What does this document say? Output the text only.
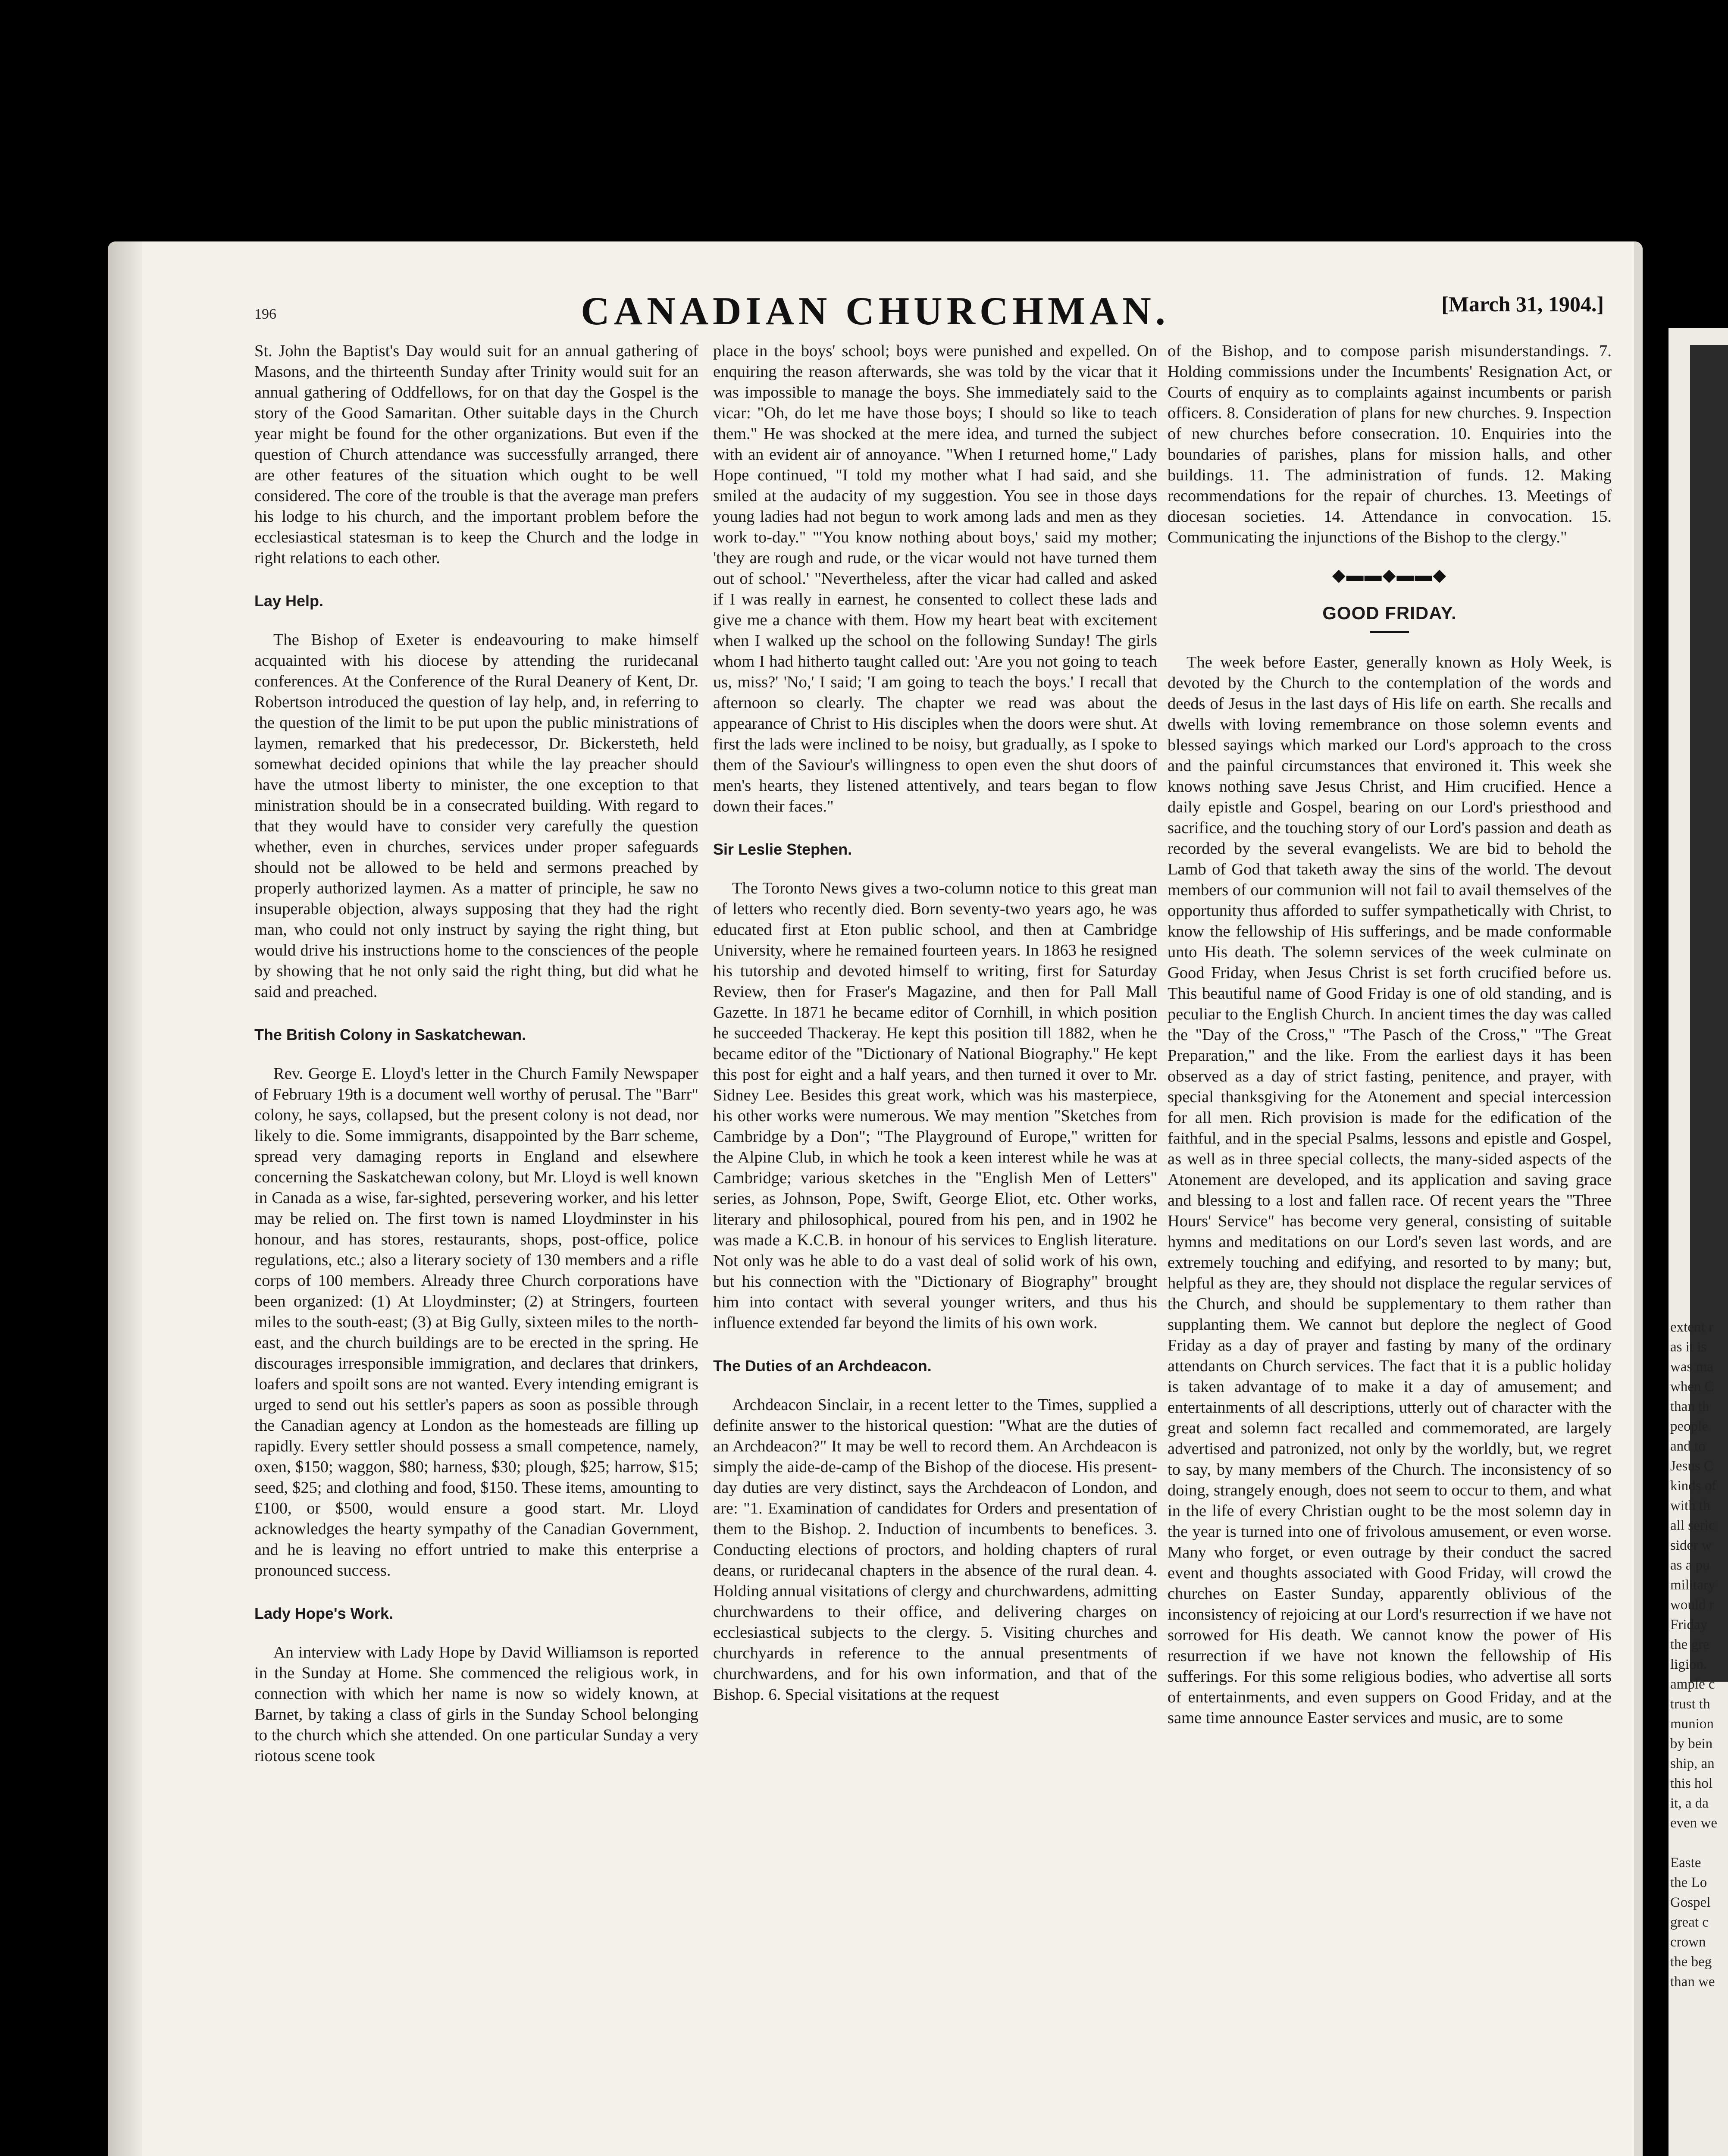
196	CANADIAN CHURCHMAN.	[March 31, 1904.]

St. John the Baptist's Day would suit for an annual gathering of Masons, and the thirteenth Sunday after Trinity would suit for an annual gathering of Oddfellows, for on that day the Gospel is the story of the Good Samaritan. Other suitable days in the Church year might be found for the other organizations. But even if the question of Church attendance was successfully arranged, there are other features of the situation which ought to be well considered. The core of the trouble is that the average man prefers his lodge to his church, and the important problem before the ecclesiastical statesman is to keep the Church and the lodge in right relations to each other.

Lay Help.

The Bishop of Exeter is endeavouring to make himself acquainted with his diocese by attending the ruridecanal conferences. At the Conference of the Rural Deanery of Kent, Dr. Robertson introduced the question of lay help, and, in referring to the question of the limit to be put upon the public ministrations of laymen, remarked that his predecessor, Dr. Bickersteth, held somewhat decided opinions that while the lay preacher should have the utmost liberty to minister, the one exception to that ministration should be in a consecrated building. With regard to that they would have to consider very carefully the question whether, even in churches, services under proper safeguards should not be allowed to be held and sermons preached by properly authorized laymen. As a matter of principle, he saw no insuperable objection, always supposing that they had the right man, who could not only instruct by saying the right thing, but would drive his instructions home to the consciences of the people by showing that he not only said the right thing, but did what he said and preached.

The British Colony in Saskatchewan.

Rev. George E. Lloyd's letter in the Church Family Newspaper of February 19th is a document well worthy of perusal. The "Barr" colony, he says, collapsed, but the present colony is not dead, nor likely to die. Some immigrants, disappointed by the Barr scheme, spread very damaging reports in England and elsewhere concerning the Saskatchewan colony, but Mr. Lloyd is well known in Canada as a wise, far-sighted, persevering worker, and his letter may be relied on. The first town is named Lloydminster in his honour, and has stores, restaurants, shops, post-office, police regulations, etc.; also a literary society of 130 members and a rifle corps of 100 members. Already three Church corporations have been organized: (1) At Lloydminster; (2) at Stringers, fourteen miles to the south-east; (3) at Big Gully, sixteen miles to the north-east, and the church buildings are to be erected in the spring. He discourages irresponsible immigration, and declares that drinkers, loafers and spoilt sons are not wanted. Every intending emigrant is urged to send out his settler's papers as soon as possible through the Canadian agency at London as the homesteads are filling up rapidly. Every settler should possess a small competence, namely, oxen, $150; waggon, $80; harness, $30; plough, $25; harrow, $15; seed, $25; and clothing and food, $150. These items, amounting to £100, or $500, would ensure a good start. Mr. Lloyd acknowledges the hearty sympathy of the Canadian Government, and he is leaving no effort untried to make this enterprise a pronounced success.

Lady Hope's Work.

An interview with Lady Hope by David Williamson is reported in the Sunday at Home. She commenced the religious work, in connection with which her name is now so widely known, at Barnet, by taking a class of girls in the Sunday School belonging to the church which she attended. On one particular Sunday a very riotous scene took

place in the boys' school; boys were punished and expelled. On enquiring the reason afterwards, she was told by the vicar that it was impossible to manage the boys. She immediately said to the vicar: "Oh, do let me have those boys; I should so like to teach them." He was shocked at the mere idea, and turned the subject with an evident air of annoyance. "When I returned home," Lady Hope continued, "I told my mother what I had said, and she smiled at the audacity of my suggestion. You see in those days young ladies had not begun to work among lads and men as they work to-day." "'You know nothing about boys,' said my mother; 'they are rough and rude, or the vicar would not have turned them out of school.' "Nevertheless, after the vicar had called and asked if I was really in earnest, he consented to collect these lads and give me a chance with them. How my heart beat with excitement when I walked up the school on the following Sunday! The girls whom I had hitherto taught called out: 'Are you not going to teach us, miss?' 'No,' I said; 'I am going to teach the boys.' I recall that afternoon so clearly. The chapter we read was about the appearance of Christ to His disciples when the doors were shut. At first the lads were inclined to be noisy, but gradually, as I spoke to them of the Saviour's willingness to open even the shut doors of men's hearts, they listened attentively, and tears began to flow down their faces."

Sir Leslie Stephen.

The Toronto News gives a two-column notice to this great man of letters who recently died. Born seventy-two years ago, he was educated first at Eton public school, and then at Cambridge University, where he remained fourteen years. In 1863 he resigned his tutorship and devoted himself to writing, first for Saturday Review, then for Fraser's Magazine, and then for Pall Mall Gazette. In 1871 he became editor of Cornhill, in which position he succeeded Thackeray. He kept this position till 1882, when he became editor of the "Dictionary of National Biography." He kept this post for eight and a half years, and then turned it over to Mr. Sidney Lee. Besides this great work, which was his masterpiece, his other works were numerous. We may mention "Sketches from Cambridge by a Don"; "The Playground of Europe," written for the Alpine Club, in which he took a keen interest while he was at Cambridge; various sketches in the "English Men of Letters" series, as Johnson, Pope, Swift, George Eliot, etc. Other works, literary and philosophical, poured from his pen, and in 1902 he was made a K.C.B. in honour of his services to English literature. Not only was he able to do a vast deal of solid work of his own, but his connection with the "Dictionary of Biography" brought him into contact with several younger writers, and thus his influence extended far beyond the limits of his own work.

The Duties of an Archdeacon.

Archdeacon Sinclair, in a recent letter to the Times, supplied a definite answer to the historical question: "What are the duties of an Archdeacon?" It may be well to record them. An Archdeacon is simply the aide-de-camp of the Bishop of the diocese. His present-day duties are very distinct, says the Archdeacon of London, and are: "1. Examination of candidates for Orders and presentation of them to the Bishop. 2. Induction of incumbents to benefices. 3. Conducting elections of proctors, and holding chapters of rural deans, or ruridecanal chapters in the absence of the rural dean. 4. Holding annual visitations of clergy and churchwardens, admitting churchwardens to their office, and delivering charges on ecclesiastical subjects to the clergy. 5. Visiting churches and churchyards in reference to the annual presentments of churchwardens, and for his own information, and that of the Bishop. 6. Special visitations at the request

of the Bishop, and to compose parish misunderstandings. 7. Holding commissions under the Incumbents' Resignation Act, or Courts of enquiry as to complaints against incumbents or parish officers. 8. Consideration of plans for new churches. 9. Inspection of new churches before consecration. 10. Enquiries into the boundaries of parishes, plans for mission halls, and other buildings. 11. The administration of funds. 12. Making recommendations for the repair of churches. 13. Meetings of diocesan societies. 14. Attendance in convocation. 15. Communicating the injunctions of the Bishop to the clergy."

◆▬▬◆▬▬◆
GOOD FRIDAY.

The week before Easter, generally known as Holy Week, is devoted by the Church to the contemplation of the words and deeds of Jesus in the last days of His life on earth. She recalls and dwells with loving remembrance on those solemn events and blessed sayings which marked our Lord's approach to the cross and the painful circumstances that environed it. This week she knows nothing save Jesus Christ, and Him crucified. Hence a daily epistle and Gospel, bearing on our Lord's priesthood and sacrifice, and the touching story of our Lord's passion and death as recorded by the several evangelists. We are bid to behold the Lamb of God that taketh away the sins of the world. The devout members of our communion will not fail to avail themselves of the opportunity thus afforded to suffer sympathetically with Christ, to know the fellowship of His sufferings, and be made conformable unto His death. The solemn services of the week culminate on Good Friday, when Jesus Christ is set forth crucified before us. This beautiful name of Good Friday is one of old standing, and is peculiar to the English Church. In ancient times the day was called the "Day of the Cross," "The Pasch of the Cross," "The Great Preparation," and the like. From the earliest days it has been observed as a day of strict fasting, penitence, and prayer, with special thanksgiving for the Atonement and special intercession for all men. Rich provision is made for the edification of the faithful, and in the special Psalms, lessons and epistle and Gospel, as well as in three special collects, the many-sided aspects of the Atonement are developed, and its application and saving grace and blessing to a lost and fallen race. Of recent years the "Three Hours' Service" has become very general, consisting of suitable hymns and meditations on our Lord's seven last words, and are extremely touching and edifying, and resorted to by many; but, helpful as they are, they should not displace the regular services of the Church, and should be supplementary to them rather than supplanting them. We cannot but deplore the neglect of Good Friday as a day of prayer and fasting by many of the ordinary attendants on Church services. The fact that it is a public holiday is taken advantage of to make it a day of amusement; and entertainments of all descriptions, utterly out of character with the great and solemn fact recalled and commemorated, are largely advertised and patronized, not only by the worldly, but, we regret to say, by many members of the Church. The inconsistency of so doing, strangely enough, does not seem to occur to them, and what in the life of every Christian ought to be the most solemn day in the year is turned into one of frivolous amusement, or even worse. Many who forget, or even outrage by their conduct the sacred event and thoughts associated with Good Friday, will crowd the churches on Easter Sunday, apparently oblivious of the inconsistency of rejoicing at our Lord's resurrection if we have not sorrowed for His death. We cannot know the power of His resurrection if we have not known the fellowship of His sufferings. For this some religious bodies, who advertise all sorts of entertainments, and even suppers on Good Friday, and at the same time announce Easter services and music, are to some

extent r
as it is
was ma
when C
than th
people
and to
Jesus C
kinds of
with th
all seric
sider w
as a pu
military
would r
Friday
the gre
ligion.
ample c
trust th
munion
by bein
ship, an
this hol
it, a da
even we
Easte
the Lo
Gospel
great c
crown
the beg
than we
